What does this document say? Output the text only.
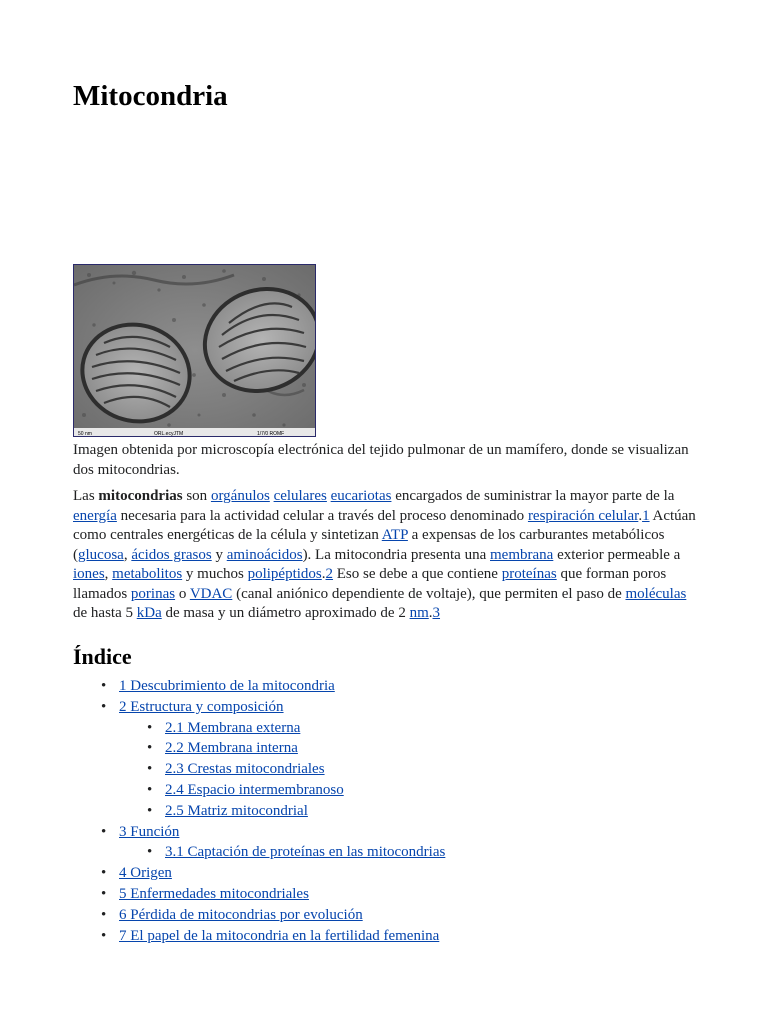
Mitocondria
50 nm	ORL.ecyJTM	1/7/0 ROMF

Imagen obtenida por microscopía electrónica del tejido pulmonar de un mamífero, donde se visualizan dos mitocondrias.

Las mitocondrias son orgánulos celulares eucariotas encargados de suministrar la mayor parte de la energía necesaria para la actividad celular a través del proceso denominado respiración celular.1 Actúan como centrales energéticas de la célula y sintetizan ATP a expensas de los carburantes metabólicos (glucosa, ácidos grasos y aminoácidos). La mitocondria presenta una membrana exterior permeable a iones, metabolitos y muchos polipéptidos.2 Eso se debe a que contiene proteínas que forman poros llamados porinas o VDAC (canal aniónico dependiente de voltaje), que permiten el paso de moléculas de hasta 5 kDa de masa y un diámetro aproximado de 2 nm.3

Índice
• 1 Descubrimiento de la mitocondria
• 2 Estructura y composición
• 2.1 Membrana externa
• 2.2 Membrana interna
• 2.3 Crestas mitocondriales
• 2.4 Espacio intermembranoso
• 2.5 Matriz mitocondrial
• 3 Función
• 3.1 Captación de proteínas en las mitocondrias
• 4 Origen
• 5 Enfermedades mitocondriales
• 6 Pérdida de mitocondrias por evolución
• 7 El papel de la mitocondria en la fertilidad femenina
